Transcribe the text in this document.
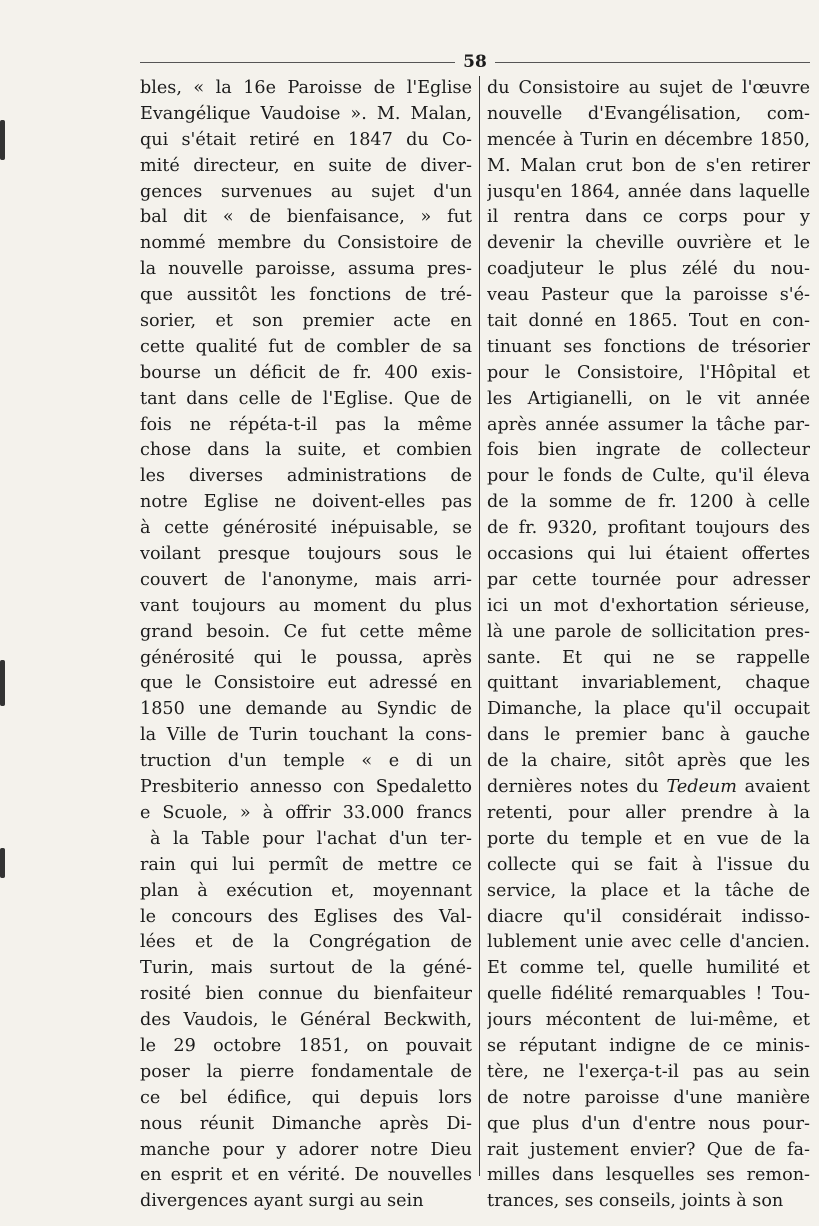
58
bles, « la 16e Paroisse de l'Eglise
Evangélique Vaudoise ». M. Malan,
qui s'était retiré en 1847 du Co-
mité directeur, en suite de diver-
gences survenues au sujet d'un
bal dit « de bienfaisance, » fut
nommé membre du Consistoire de
la nouvelle paroisse, assuma pres-
que aussitôt les fonctions de tré-
sorier, et son premier acte en
cette qualité fut de combler de sa
bourse un déficit de fr. 400 exis-
tant dans celle de l'Eglise. Que de
fois ne répéta-t-il pas la même
chose dans la suite, et combien
les diverses administrations de
notre Eglise ne doivent-elles pas
à cette générosité inépuisable, se
voilant presque toujours sous le
couvert de l'anonyme, mais arri-
vant toujours au moment du plus
grand besoin. Ce fut cette même
générosité qui le poussa, après
que le Consistoire eut adressé en
1850 une demande au Syndic de
la Ville de Turin touchant la cons-
truction d'un temple « e di un
Presbiterio annesso con Spedaletto
e Scuole, » à offrir 33.000 francs
à la Table pour l'achat d'un ter-
rain qui lui permît de mettre ce
plan à exécution et, moyennant
le concours des Eglises des Val-
lées et de la Congrégation de
Turin, mais surtout de la géné-
rosité bien connue du bienfaiteur
des Vaudois, le Général Beckwith,
le 29 octobre 1851, on pouvait
poser la pierre fondamentale de
ce bel édifice, qui depuis lors
nous réunit Dimanche après Di-
manche pour y adorer notre Dieu
en esprit et en vérité. De nouvelles
divergences ayant surgi au sein
du Consistoire au sujet de l'œuvre
nouvelle d'Evangélisation, com-
mencée à Turin en décembre 1850,
M. Malan crut bon de s'en retirer
jusqu'en 1864, année dans laquelle
il rentra dans ce corps pour y
devenir la cheville ouvrière et le
coadjuteur le plus zélé du nou-
veau Pasteur que la paroisse s'é-
tait donné en 1865. Tout en con-
tinuant ses fonctions de trésorier
pour le Consistoire, l'Hôpital et
les Artigianelli, on le vit année
après année assumer la tâche par-
fois bien ingrate de collecteur
pour le fonds de Culte, qu'il éleva
de la somme de fr. 1200 à celle
de fr. 9320, profitant toujours des
occasions qui lui étaient offertes
par cette tournée pour adresser
ici un mot d'exhortation sérieuse,
là une parole de sollicitation pres-
sante. Et qui ne se rappelle
quittant invariablement, chaque
Dimanche, la place qu'il occupait
dans le premier banc à gauche
de la chaire, sitôt après que les
dernières notes du Tedeum avaient
retenti, pour aller prendre à la
porte du temple et en vue de la
collecte qui se fait à l'issue du
service, la place et la tâche de
diacre qu'il considérait indisso-
lublement unie avec celle d'ancien.
Et comme tel, quelle humilité et
quelle fidélité remarquables ! Tou-
jours mécontent de lui-même, et
se réputant indigne de ce minis-
tère, ne l'exerça-t-il pas au sein
de notre paroisse d'une manière
que plus d'un d'entre nous pour-
rait justement envier? Que de fa-
milles dans lesquelles ses remon-
trances, ses conseils, joints à son
